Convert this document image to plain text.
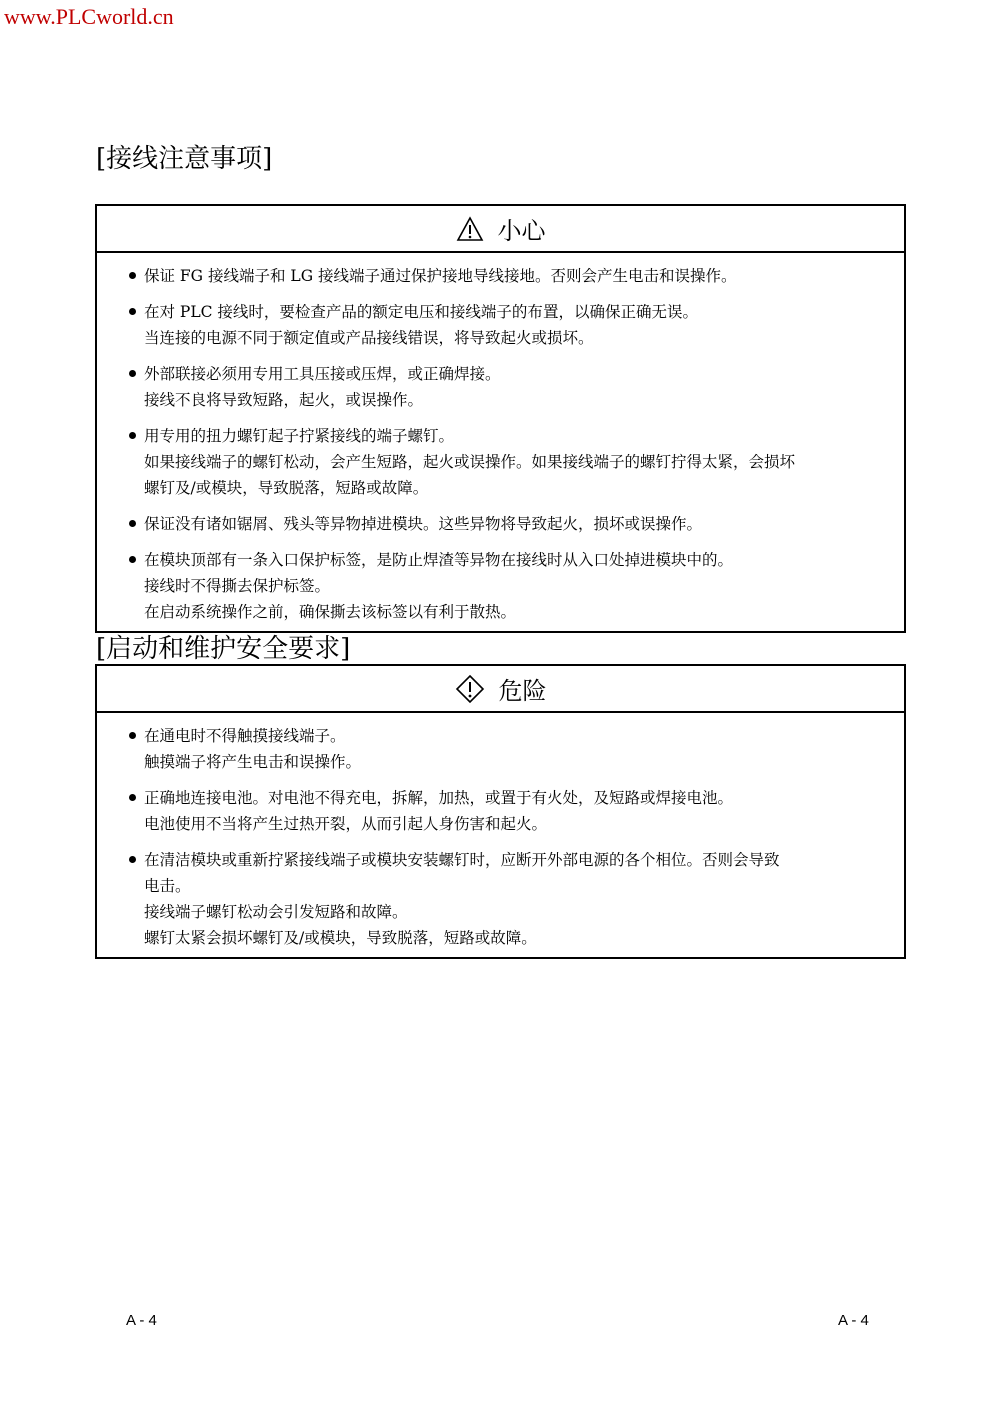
www.PLCworld.cn
[接线注意事项]
小心
保证 FG 接线端子和 LG 接线端子通过保护接地导线接地。否则会产生电击和误操作。
在对 PLC 接线时，要检查产品的额定电压和接线端子的布置，以确保正确无误。
当连接的电源不同于额定值或产品接线错误，将导致起火或损坏。
外部联接必须用专用工具压接或压焊，或正确焊接。
接线不良将导致短路，起火，或误操作。
用专用的扭力螺钉起子拧紧接线的端子螺钉。
如果接线端子的螺钉松动，会产生短路，起火或误操作。如果接线端子的螺钉拧得太紧，会损坏
螺钉及/或模块，导致脱落，短路或故障。
保证没有诸如锯屑、残头等异物掉进模块。这些异物将导致起火，损坏或误操作。
在模块顶部有一条入口保护标签，是防止焊渣等异物在接线时从入口处掉进模块中的。
接线时不得撕去保护标签。
在启动系统操作之前，确保撕去该标签以有利于散热。
[启动和维护安全要求]
危险
在通电时不得触摸接线端子。
触摸端子将产生电击和误操作。
正确地连接电池。对电池不得充电，拆解，加热，或置于有火处，及短路或焊接电池。
电池使用不当将产生过热开裂，从而引起人身伤害和起火。
在清洁模块或重新拧紧接线端子或模块安装螺钉时，应断开外部电源的各个相位。否则会导致
电击。
接线端子螺钉松动会引发短路和故障。
螺钉太紧会损坏螺钉及/或模块，导致脱落，短路或故障。
A - 4	A - 4
